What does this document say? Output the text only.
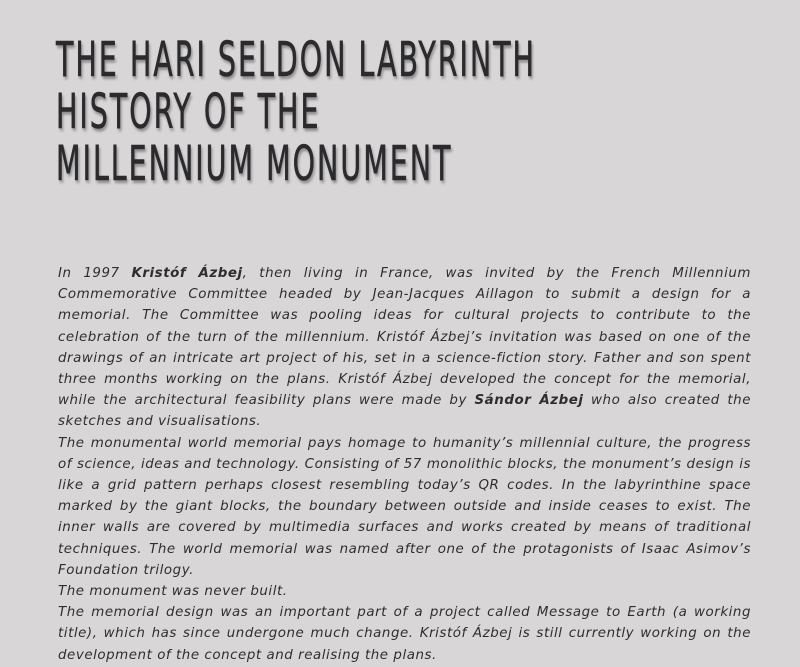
THE HARI SELDON LABYRINTH
HISTORY OF THE
MILLENNIUM MONUMENT

In 1997 Kristóf Ázbej, then living in France, was invited by the French Millennium Commemorative Committee headed by Jean-Jacques Aillagon to submit a design for a memorial. The Committee was pooling ideas for cultural projects to contribute to the celebration of the turn of the millennium. Kristóf Ázbej’s invitation was based on one of the drawings of an intricate art project of his, set in a science-fiction story. Father and son spent three months working on the plans. Kristóf Ázbej developed the concept for the memorial, while the architectural feasibility plans were made by Sándor Ázbej who also created the sketches and visualisations.

The monumental world memorial pays homage to humanity’s millennial culture, the progress of science, ideas and technology. Consisting of 57 monolithic blocks, the monument’s design is like a grid pattern perhaps closest resembling today’s QR codes. In the labyrinthine space marked by the giant blocks, the boundary between outside and inside ceases to exist. The inner walls are covered by multimedia surfaces and works created by means of traditional techniques. The world memorial was named after one of the protagonists of Isaac Asimov’s Foundation trilogy.

The monument was never built.

The memorial design was an important part of a project called Message to Earth (a working title), which has since undergone much change. Kristóf Ázbej is still currently working on the development of the concept and realising the plans.
